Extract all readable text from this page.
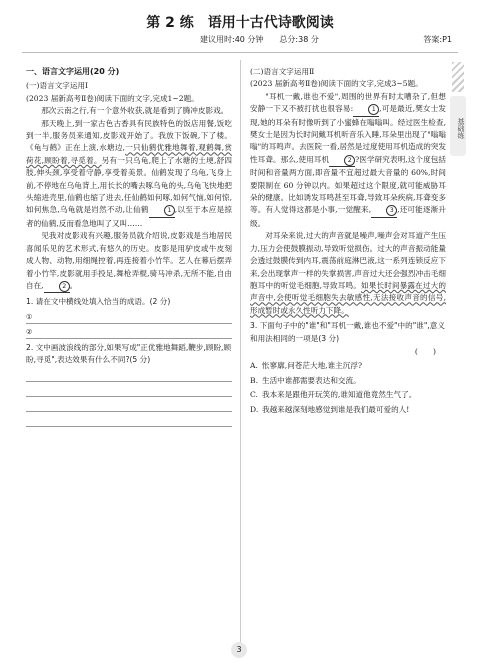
第 2 练　语用十古代诗歌阅读
建议用时:40 分钟　　总分:38 分	答案:P1
基础练
一、语言文字运用(20 分)
(一)语言文字运用Ⅰ

(2023 届新高考Ⅱ卷)阅读下面的文字,完成1~2题。

那次云南之行,有一个意外收获,就是看到了腾冲皮影戏。

那天晚上,到一家古色古香具有民族特色的饭店用餐,饭吃到一半,服务员来通知,皮影戏开始了。我放下饭碗,下了楼。《龟与鹤》正在上演,水塘边,一只仙鹤优雅地舞着,观鹤舞,赏荷花,顾盼着,寻觅着。另有一只乌龟,爬上了水塘的土埂,舒四肢,伸头颈,享受着守静,享受着美景。仙鹤发现了乌龟,飞身上前,不停地在乌龟背上,用长长的嘴去啄乌龟的头,乌龟飞快地把头缩进壳里,仙鹤也缩了进去,任仙鹤如何啄,如何气恼,如何惊,如何焦急,乌龟就是岿然不动,让仙鹤	1 ,以至于本应是掠者的仙鹤,反而看急地叫了又叫……

见我对皮影戏有兴趣,服务员就介绍说,皮影戏是当地居民喜闻乐见的艺术形式,有悠久的历史。皮影是用驴皮或牛皮刻成人物、动物,用细绳控着,再连接着小竹竿。艺人在幕后摆弄着小竹竿,皮影就用手投足,舞枪弄棍,骑马冲杀,无所不能,自由自在,	2 。

1. 请在文中横线处填入恰当的成语。(2 分)
①
②
2. 文中画波浪线的部分,如果写成"正优雅地舞蹈,鞭步,顾盼,顾盼,寻觅",表达效果有什么不同?(5 分)
(二)语言文字运用Ⅱ

(2023 届新高考Ⅱ卷)阅读下面的文字,完成3~5题。

"耳机一戴,谁也不爱",周围的世界有时太嘈杂了,但想安静一下又不被打扰也很容易:	1 ,可是最近,樊女士发现,她的耳朵有时像听到了小蜜蜂在嗡嗡叫。经过医生检查,樊女士是因为长时间戴耳机听音乐入睡,耳朵里出现了"嗡嗡嗡"的耳鸣声。去医院一看,居然是过度使用耳机造成的突发性耳聋。那么,使用耳机	2 ?医学研究表明,这个度包括时间和音量两方面,即音量不宜超过最大音量的 60%,时间要限制在 60 分钟以内。如果超过这个限度,就可能威胁耳朵的健康。比如诱发耳鸣甚至耳聋,导致耳朵疾病,耳聋变多等。有人觉得这都是小事,一觉醒来,	3 ,还可能逐渐升级。

对耳朵来说,过大的声音就是噪声,噪声会对耳道产生压力,压力会使鼓膜振动,导致听觉损伤。过大的声音振动能量会透过鼓膜传到内耳,震荡前庭淋巴液,这一系列连锁反应下来,会出现掌声一样的失掌损害,声音过大还会强烈冲击毛细胞耳中的听觉毛细胞,导致耳鸣。如果长时间暴露在过大的声音中,会使听觉毛细胞失去敏感性,无法接收声音的信号,形成暂时或永久性听力下降。

3. 下面句子中的"谁"和"耳机一戴,谁也不爱"中的"谁",意义和用法相同的一项是(3 分)
(　　)
A. 怅寥廓,问苍茫大地,谁主沉浮?
B. 生活中谁都需要表达和交流。
C. 我本来是跟他开玩笑的,谁知道他竟然生气了。
D. 我越来越深刻地感觉到谁是我们最可爱的人!
3
